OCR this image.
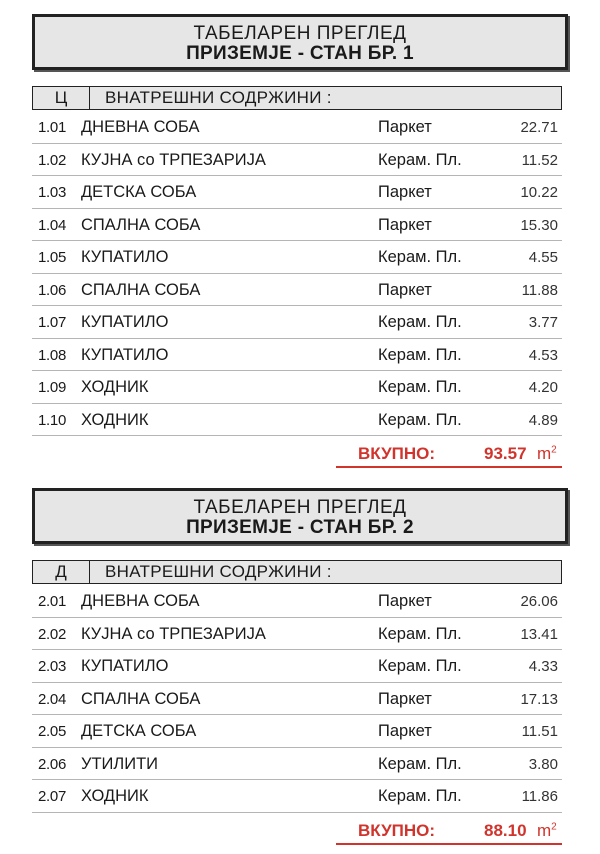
ТАБЕЛАРЕН ПРЕГЛЕД
ПРИЗЕМЈЕ - СТАН БР. 1
Ц	ВНАТРЕШНИ СОДРЖИНИ :
1.01 ДНЕВНА СОБА	Паркет	22.71
1.02 КУЈНА со ТРПЕЗАРИЈА	Керам. Пл.	11.52
1.03 ДЕТСКА СОБА	Паркет	10.22
1.04 СПАЛНА СОБА	Паркет	15.30
1.05 КУПАТИЛО	Керам. Пл.	4.55
1.06 СПАЛНА СОБА	Паркет	11.88
1.07 КУПАТИЛО	Керам. Пл.	3.77
1.08 КУПАТИЛО	Керам. Пл.	4.53
1.09 ХОДНИК	Керам. Пл.	4.20
1.10 ХОДНИК	Керам. Пл.	4.89
ВКУПНО:	93.57 $m^2$
ТАБЕЛАРЕН ПРЕГЛЕД
ПРИЗЕМЈЕ - СТАН БР. 2
Д	ВНАТРЕШНИ СОДРЖИНИ :
2.01 ДНЕВНА СОБА	Паркет	26.06
2.02 КУЈНА со ТРПЕЗАРИЈА	Керам. Пл.	13.41
2.03 КУПАТИЛО	Керам. Пл.	4.33
2.04 СПАЛНА СОБА	Паркет	17.13
2.05 ДЕТСКА СОБА	Паркет	11.51
2.06 УТИЛИТИ	Керам. Пл.	3.80
2.07 ХОДНИК	Керам. Пл.	11.86
ВКУПНО:	88.10 $m^2$
